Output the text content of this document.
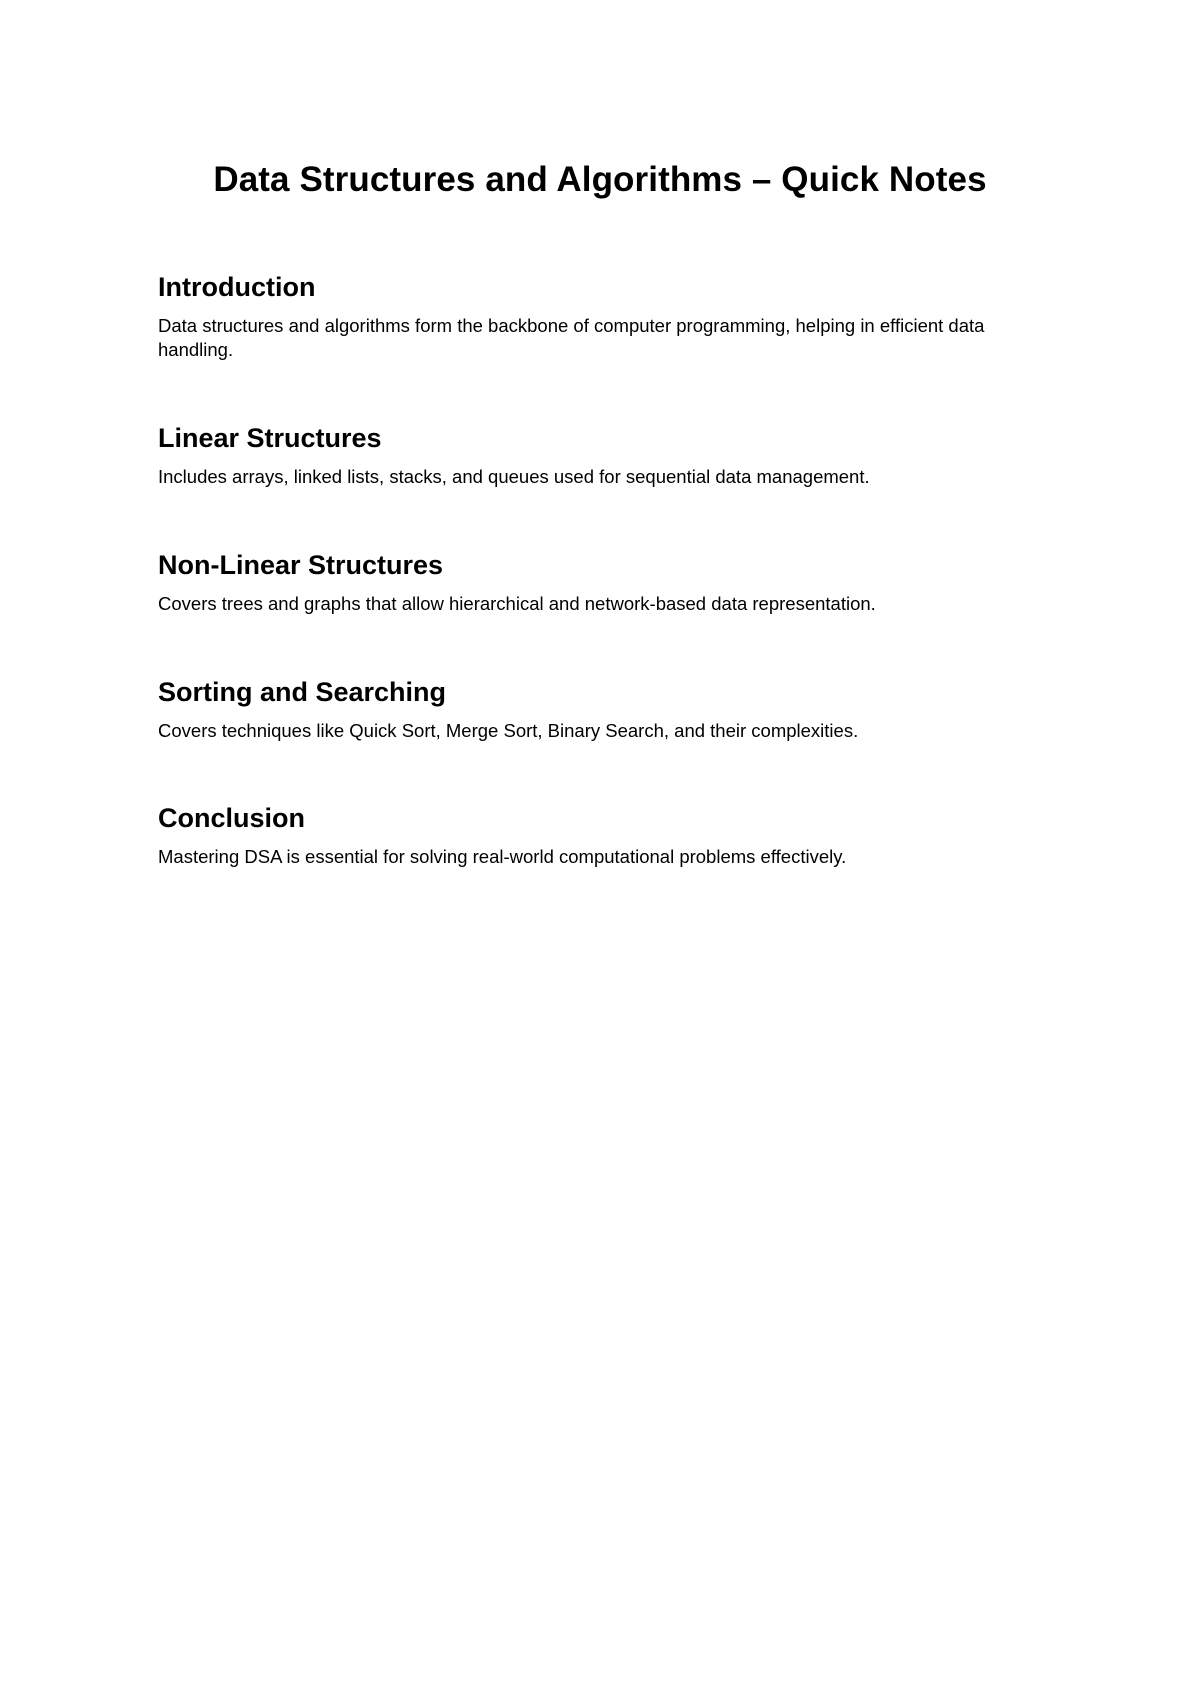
Data Structures and Algorithms – Quick Notes
Introduction

Data structures and algorithms form the backbone of computer programming, helping in efficient data handling.

Linear Structures

Includes arrays, linked lists, stacks, and queues used for sequential data management.

Non-Linear Structures

Covers trees and graphs that allow hierarchical and network-based data representation.

Sorting and Searching

Covers techniques like Quick Sort, Merge Sort, Binary Search, and their complexities.

Conclusion

Mastering DSA is essential for solving real-world computational problems effectively.
